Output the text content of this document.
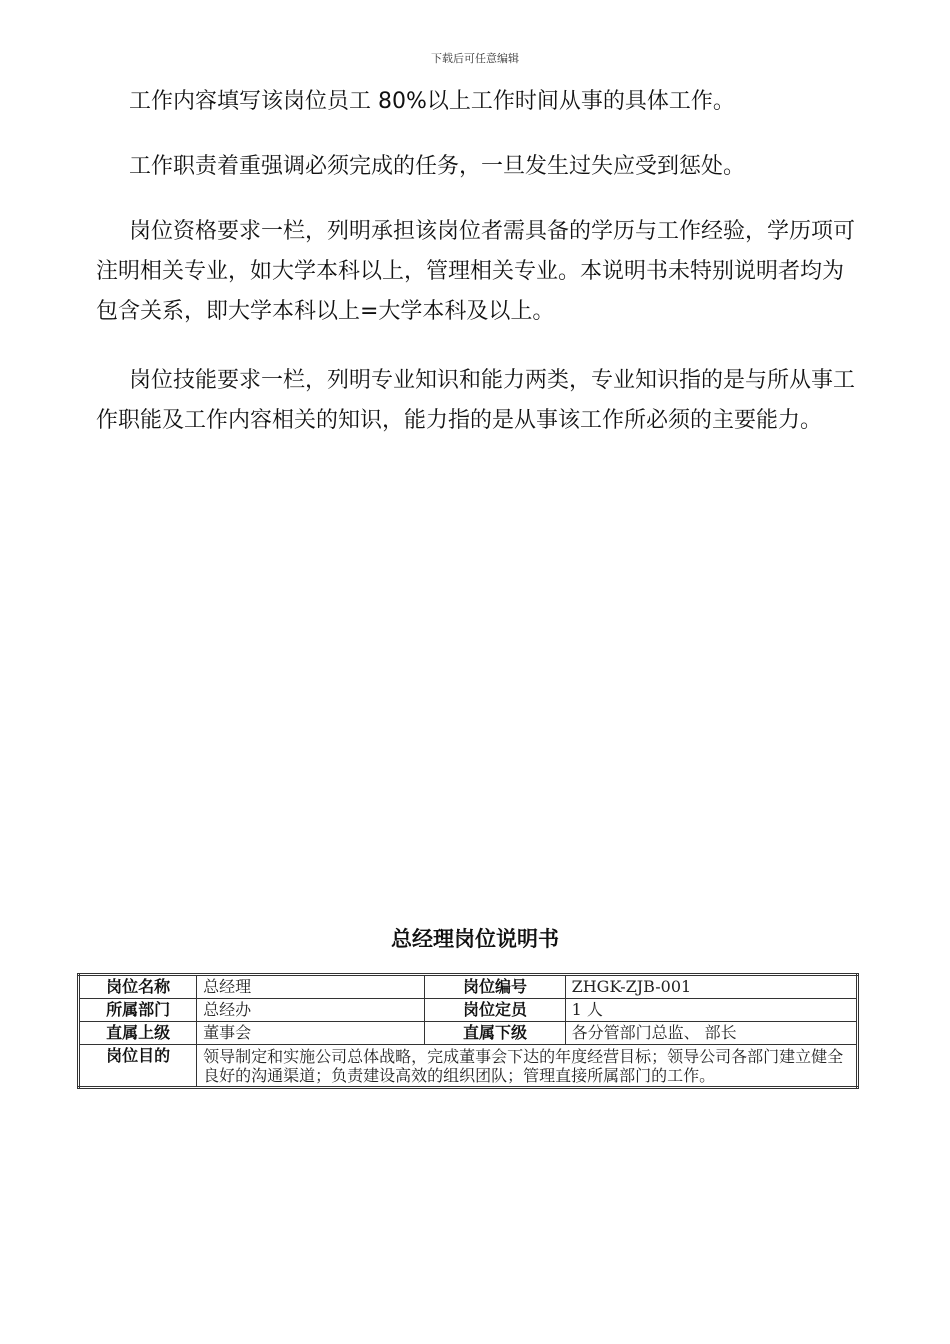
下载后可任意编辑

工作内容填写该岗位员工 80%以上工作时间从事的具体工作。

工作职责着重强调必须完成的任务，一旦发生过失应受到惩处。

岗位资格要求一栏，列明承担该岗位者需具备的学历与工作经验，学历项可注明相关专业，如大学本科以上，管理相关专业。本说明书未特别说明者均为包含关系，即大学本科以上=大学本科及以上。

岗位技能要求一栏，列明专业知识和能力两类，专业知识指的是与所从事工作职能及工作内容相关的知识，能力指的是从事该工作所必须的主要能力。

总经理岗位说明书
岗位名称	总经理	岗位编号	ZHGK-ZJB-001
所属部门	总经办	岗位定员	1 人
直属上级	董事会	直属下级	各分管部门总监、 部长
岗位目的	领导制定和实施公司总体战略，完成董事会下达的年度经营目标；领导公司各部门建立健全良好的沟通渠道；负责建设高效的组织团队；管理直接所属部门的工作。		
